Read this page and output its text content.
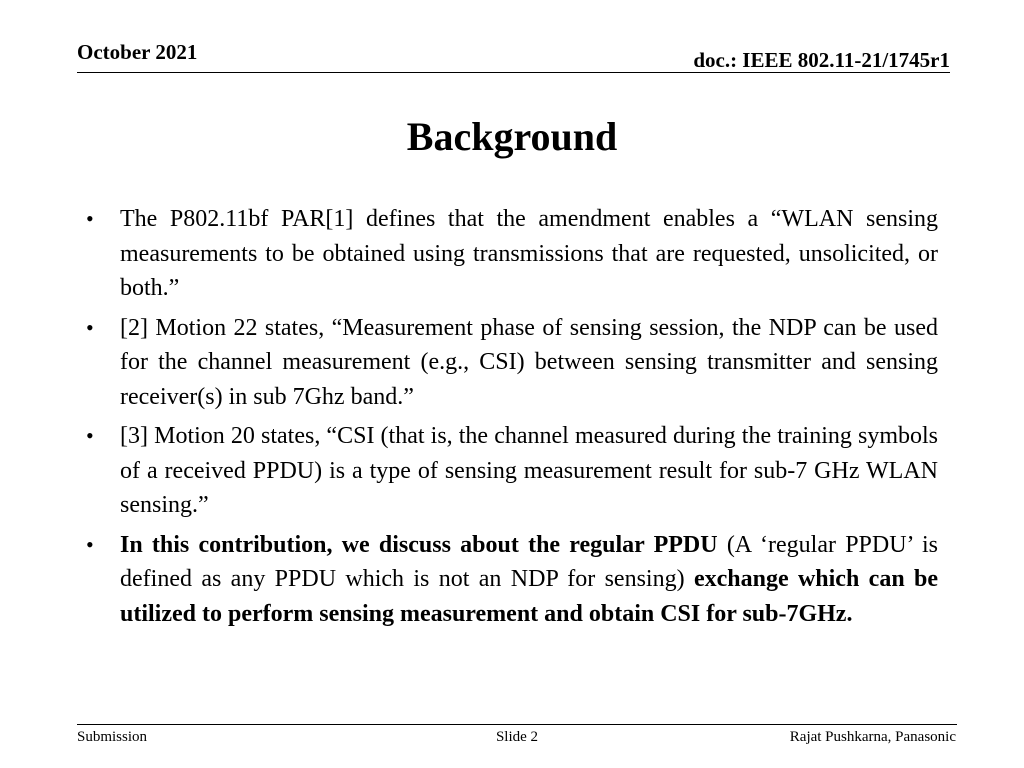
October 2021	doc.: IEEE 802.11-21/1745r1
Background
• The P802.11bf PAR[1] defines that the amendment enables a “WLAN sensing measurements to be obtained using transmissions that are requested, unsolicited, or both.”
• [2] Motion 22 states, “Measurement phase of sensing session, the NDP can be used for the channel measurement (e.g., CSI) between sensing transmitter and sensing receiver(s) in sub 7Ghz band.”
• [3] Motion 20 states, “CSI (that is, the channel measured during the training symbols of a received PPDU) is a type of sensing measurement result for sub-7 GHz WLAN sensing.”
• In this contribution, we discuss about the regular PPDU (A ‘regular PPDU’ is defined as any PPDU which is not an NDP for sensing) exchange which can be utilized to perform sensing measurement and obtain CSI for sub-7GHz.
Submission	Slide 2	Rajat Pushkarna, Panasonic
